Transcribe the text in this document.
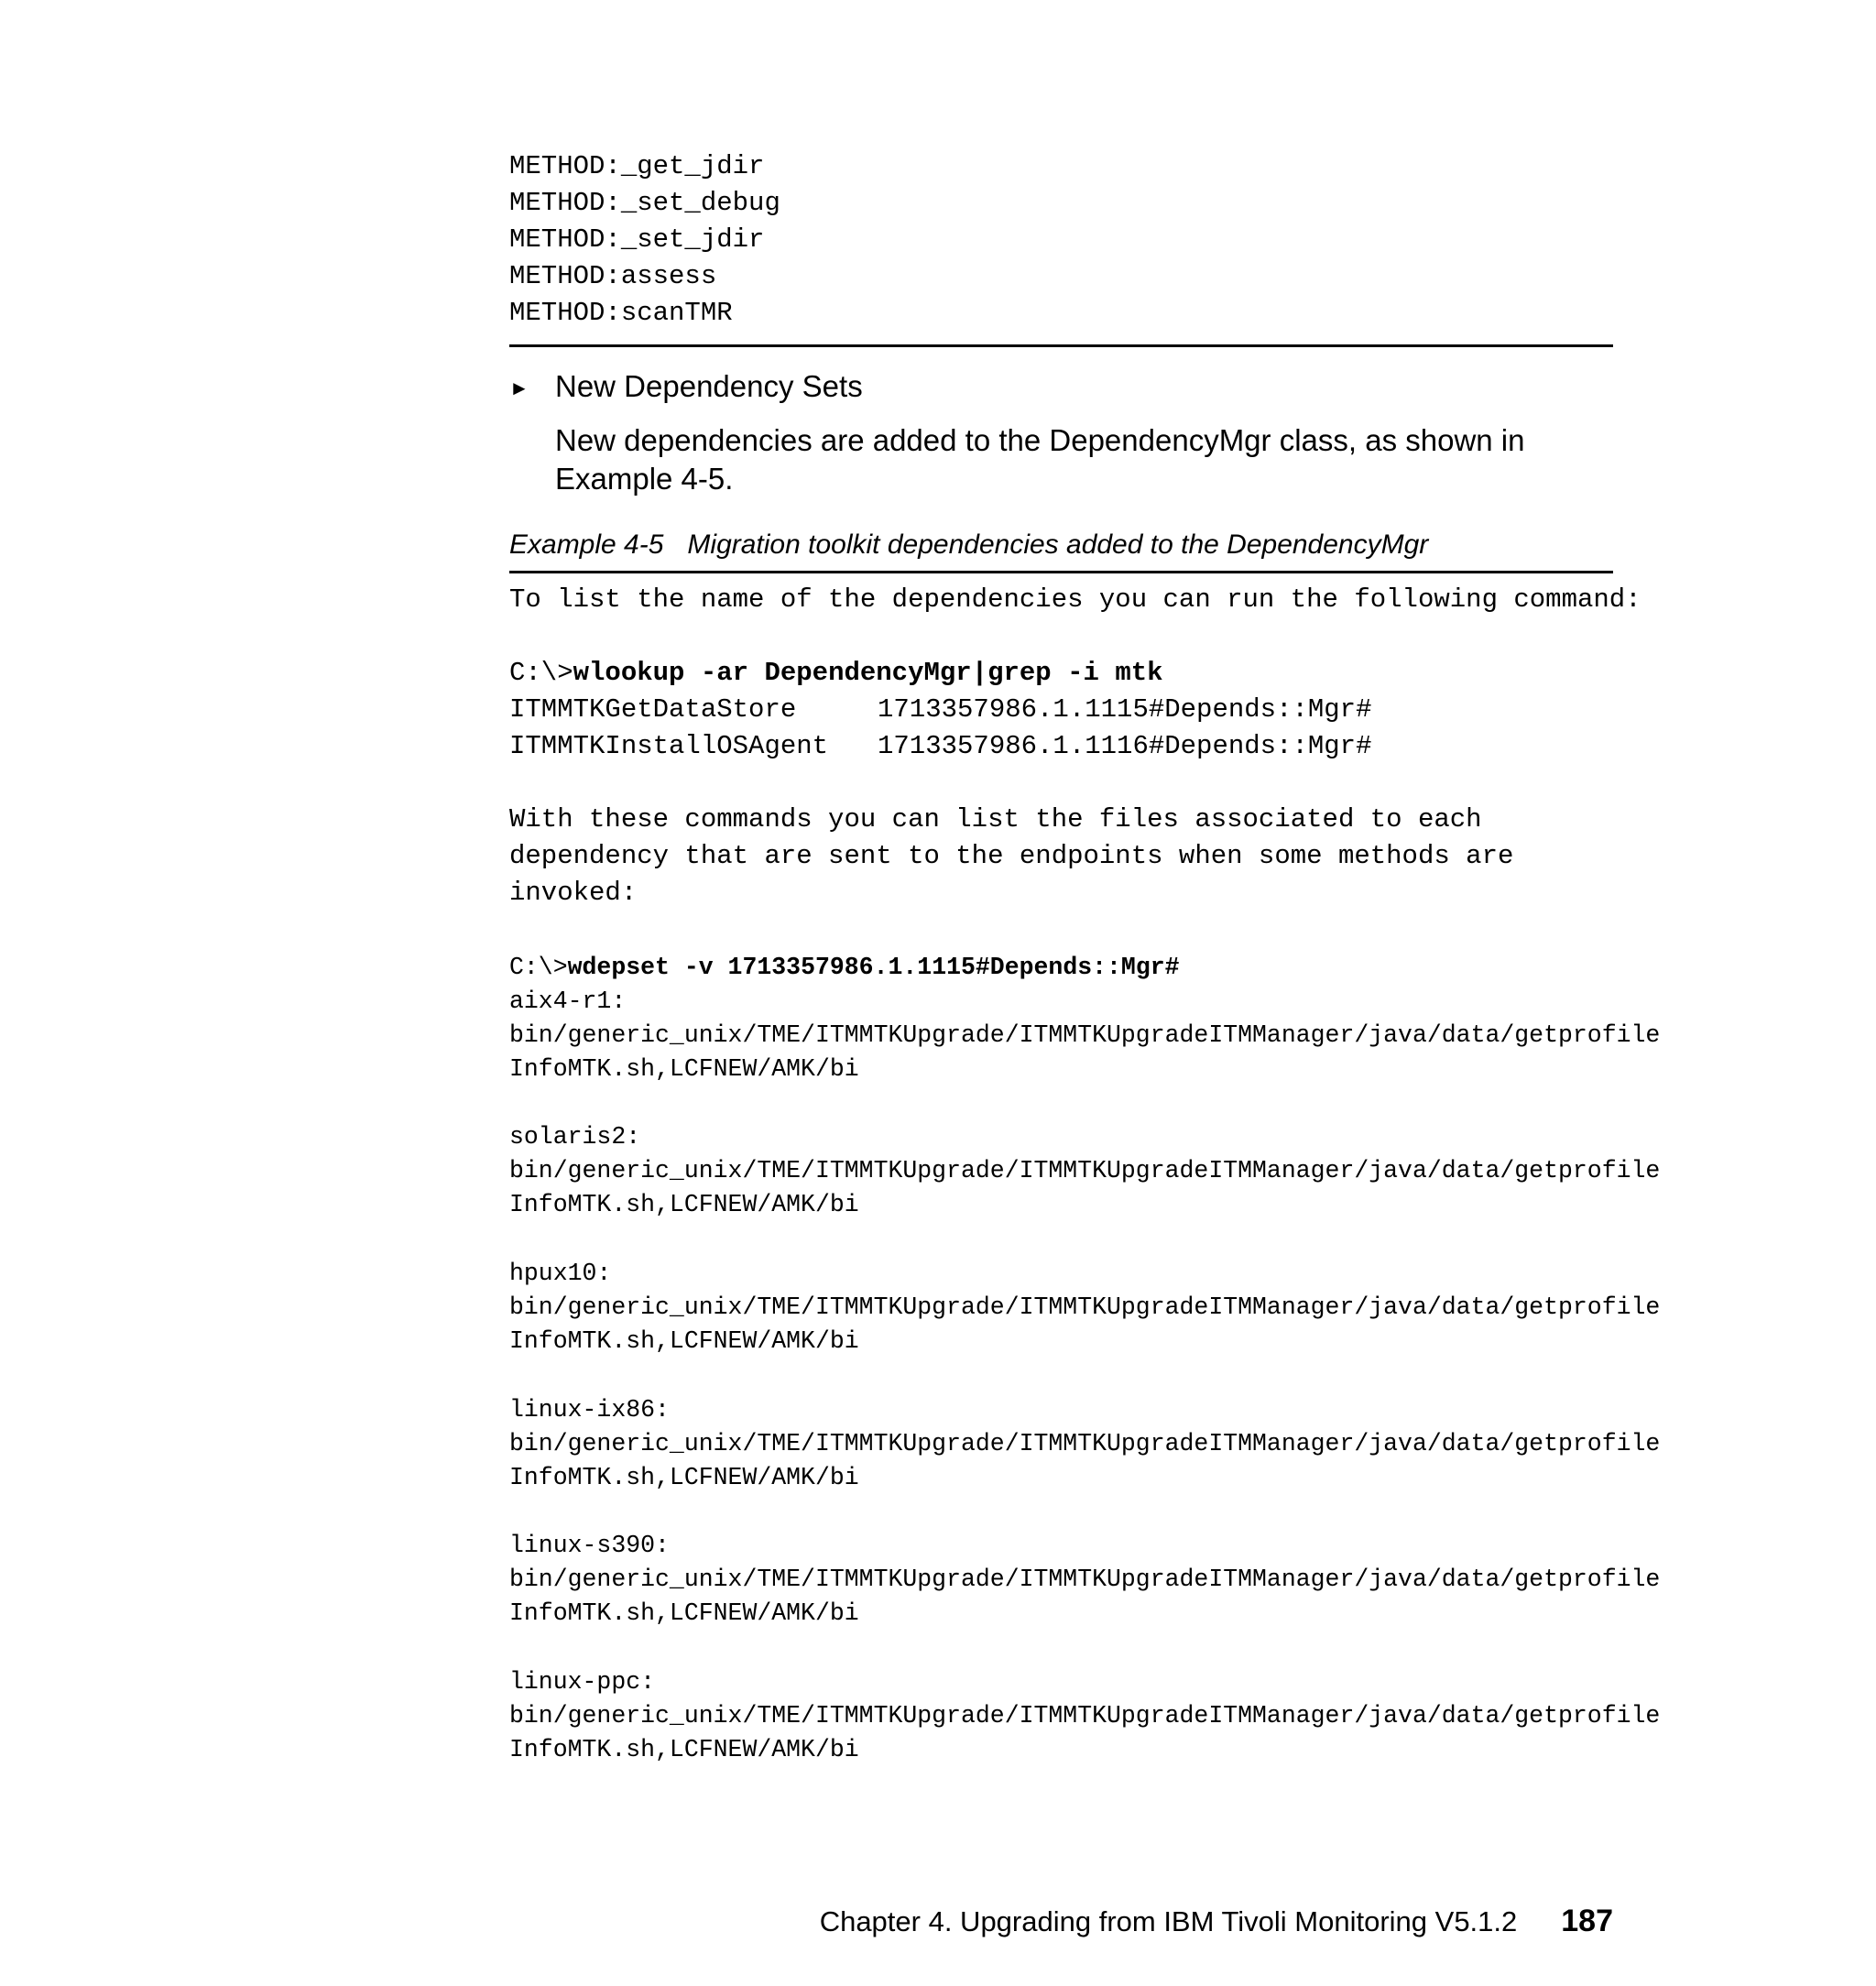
METHOD:_get_jdir
METHOD:_set_debug
METHOD:_set_jdir
METHOD:assess
METHOD:scanTMR
► New Dependency Sets
New dependencies are added to the DependencyMgr class, as shown in Example 4-5.
Example 4-5 Migration toolkit dependencies added to the DependencyMgr
To list the name of the dependencies you can run the following command:
C:\>wlookup -ar DependencyMgr|grep -i mtk
ITMMTKGetDataStore	1713357986.1.1115#Depends::Mgr#
ITMMTKInstallOSAgent 1713357986.1.1116#Depends::Mgr#
With these commands you can list the files associated to each
dependency that are sent to the endpoints when some methods are
invoked:
C:\>wdepset -v 1713357986.1.1115#Depends::Mgr#
aix4-r1:
bin/generic_unix/TME/ITMMTKUpgrade/ITMMTKUpgradeITMManager/java/data/getprofile
InfoMTK.sh,LCFNEW/AMK/bi
solaris2:
bin/generic_unix/TME/ITMMTKUpgrade/ITMMTKUpgradeITMManager/java/data/getprofile
InfoMTK.sh,LCFNEW/AMK/bi
hpux10:
bin/generic_unix/TME/ITMMTKUpgrade/ITMMTKUpgradeITMManager/java/data/getprofile
InfoMTK.sh,LCFNEW/AMK/bi
linux-ix86:
bin/generic_unix/TME/ITMMTKUpgrade/ITMMTKUpgradeITMManager/java/data/getprofile
InfoMTK.sh,LCFNEW/AMK/bi
linux-s390:
bin/generic_unix/TME/ITMMTKUpgrade/ITMMTKUpgradeITMManager/java/data/getprofile
InfoMTK.sh,LCFNEW/AMK/bi
linux-ppc:
bin/generic_unix/TME/ITMMTKUpgrade/ITMMTKUpgradeITMManager/java/data/getprofile
InfoMTK.sh,LCFNEW/AMK/bi
Chapter 4. Upgrading from IBM Tivoli Monitoring V5.1.2 187
